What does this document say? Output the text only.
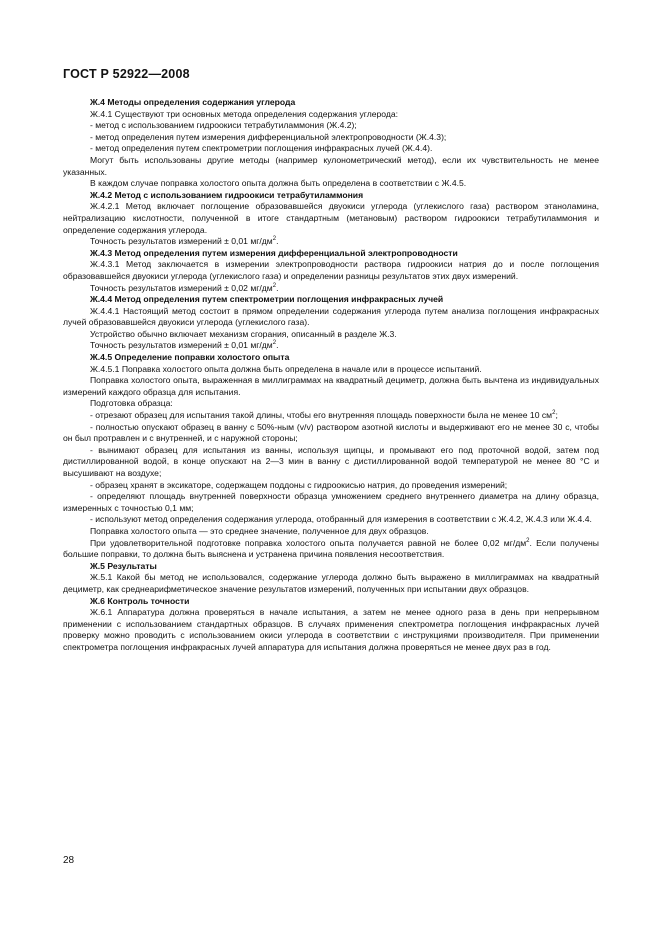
ГОСТ Р 52922—2008

Ж.4 Методы определения содержания углерода

Ж.4.1 Существуют три основных метода определения содержания углерода:

- метод с использованием гидроокиси тетрабутиламмония (Ж.4.2);

- метод определения путем измерения дифференциальной электропроводности (Ж.4.3);

- метод определения путем спектрометрии поглощения инфракрасных лучей (Ж.4.4).

Могут быть использованы другие методы (например кулонометрический метод), если их чувствительность не менее указанных.

В каждом случае поправка холостого опыта должна быть определена в соответствии с Ж.4.5.

Ж.4.2 Метод с использованием гидроокиси тетрабутиламмония

Ж.4.2.1 Метод включает поглощение образовавшейся двуокиси углерода (углекислого газа) раствором этаноламина, нейтрализацию кислотности, полученной в итоге стандартным (метановым) раствором гидроокиси тетрабутиламмония и определение содержания углерода.

Точность результатов измерений ± 0,01 $мг/дм^2$.

Ж.4.3 Метод определения путем измерения дифференциальной электропроводности

Ж.4.3.1 Метод заключается в измерении электропроводности раствора гидроокиси натрия до и после поглощения образовавшейся двуокиси углерода (углекислого газа) и определении разницы результатов этих двух измерений.

Точность результатов измерений ± 0,02 $мг/дм^2$.

Ж.4.4 Метод определения путем спектрометрии поглощения инфракрасных лучей

Ж.4.4.1 Настоящий метод состоит в прямом определении содержания углерода путем анализа поглощения инфракрасных лучей образовавшейся двуокиси углерода (углекислого газа).

Устройство обычно включает механизм сгорания, описанный в разделе Ж.3.

Точность результатов измерений ± 0,01 $мг/дм^2$.

Ж.4.5 Определение поправки холостого опыта

Ж.4.5.1 Поправка холостого опыта должна быть определена в начале или в процессе испытаний.

Поправка холостого опыта, выраженная в миллиграммах на квадратный дециметр, должна быть вычтена из индивидуальных измерений каждого образца для испытания.

Подготовка образца:

- отрезают образец для испытания такой длины, чтобы его внутренняя площадь поверхности была не менее 10 $см^2$;

- полностью опускают образец в ванну с 50%-ным (v/v) раствором азотной кислоты и выдерживают его не менее 30 с, чтобы он был протравлен и с внутренней, и с наружной стороны;

- вынимают образец для испытания из ванны, используя щипцы, и промывают его под проточной водой, затем под дистиллированной водой, в конце опускают на 2—3 мин в ванну с дистиллированной водой температурой не менее 80 °С и высушивают на воздухе;

- образец хранят в эксикаторе, содержащем поддоны с гидроокисью натрия, до проведения измерений;

- определяют площадь внутренней поверхности образца умножением среднего внутреннего диаметра на длину образца, измеренных с точностью 0,1 мм;

- используют метод определения содержания углерода, отобранный для измерения в соответствии с Ж.4.2, Ж.4.3 или Ж.4.4.

Поправка холостого опыта — это среднее значение, полученное для двух образцов.

При удовлетворительной подготовке поправка холостого опыта получается равной не более 0,02 $мг/дм^2$. Если получены большие поправки, то должна быть выяснена и устранена причина появления несоответствия.

Ж.5 Результаты

Ж.5.1 Какой бы метод не использовался, содержание углерода должно быть выражено в миллиграммах на квадратный дециметр, как среднеарифметическое значение результатов измерений, полученных при испытании двух образцов.

Ж.6 Контроль точности

Ж.6.1 Аппаратура должна проверяться в начале испытания, а затем не менее одного раза в день при непрерывном применении с использованием стандартных образцов. В случаях применения спектрометра поглощения инфракрасных лучей проверку можно проводить с использованием окиси углерода в соответствии с инструкциями производителя. При применении спектрометра поглощения инфракрасных лучей аппаратура для испытания должна проверяться не менее двух раз в год.

28
